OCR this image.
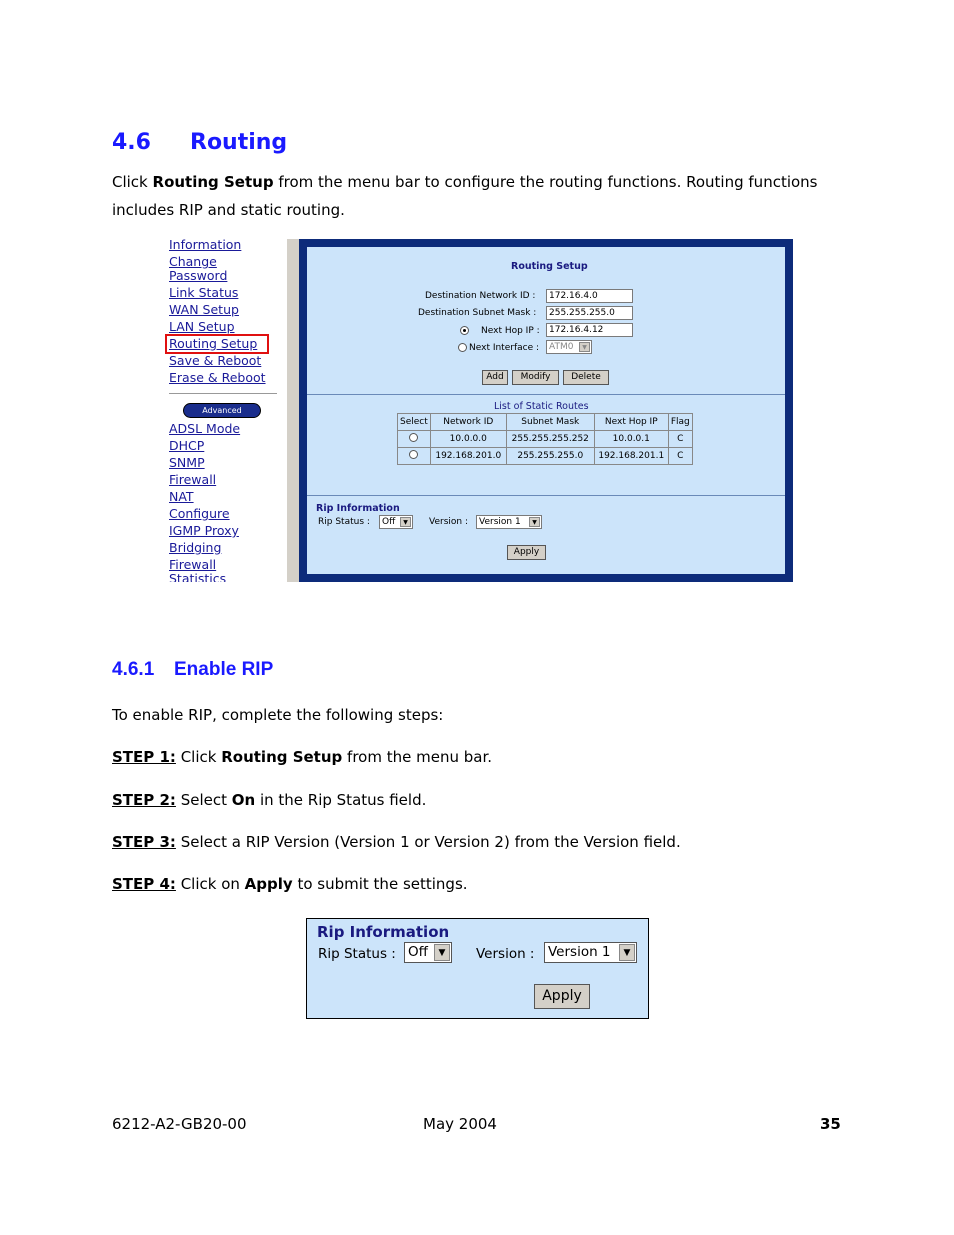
4.6 Routing
Click Routing Setup from the menu bar to configure the routing functions. Routing functions includes RIP and static routing.
Information
Change
Password
Link Status
WAN Setup
LAN Setup
Routing Setup
Save & Reboot
Erase & Reboot
Advanced
ADSL Mode
DHCP
SNMP
Firewall
NAT
Configure
IGMP Proxy
Bridging
Firewall
Statistics
Routing Setup
Destination Network ID :	172.16.4.0
Destination Subnet Mask :	255.255.255.0
Next Hop IP :	172.16.4.12
Next Interface :	ATM0	▼
Add	Modify	Delete
List of Static Routes
Select	Network ID	Subnet Mask	Next Hop IP	Flag
	10.0.0.0	255.255.255.252	10.0.0.1	C
	192.168.201.0	255.255.255.0	192.168.201.1	C
Rip Information
Rip Status :	Off	▼	Version :	Version 1	▼
Apply
4.6.1 Enable RIP
To enable RIP, complete the following steps:
STEP 1: Click Routing Setup from the menu bar.
STEP 2: Select On in the Rip Status field.
STEP 3: Select a RIP Version (Version 1 or Version 2) from the Version field.
STEP 4: Click on Apply to submit the settings.
Rip Information
Rip Status : Off	▼	Version : Version 1	▼
Apply
6212-A2-GB20-00	May 2004	35
